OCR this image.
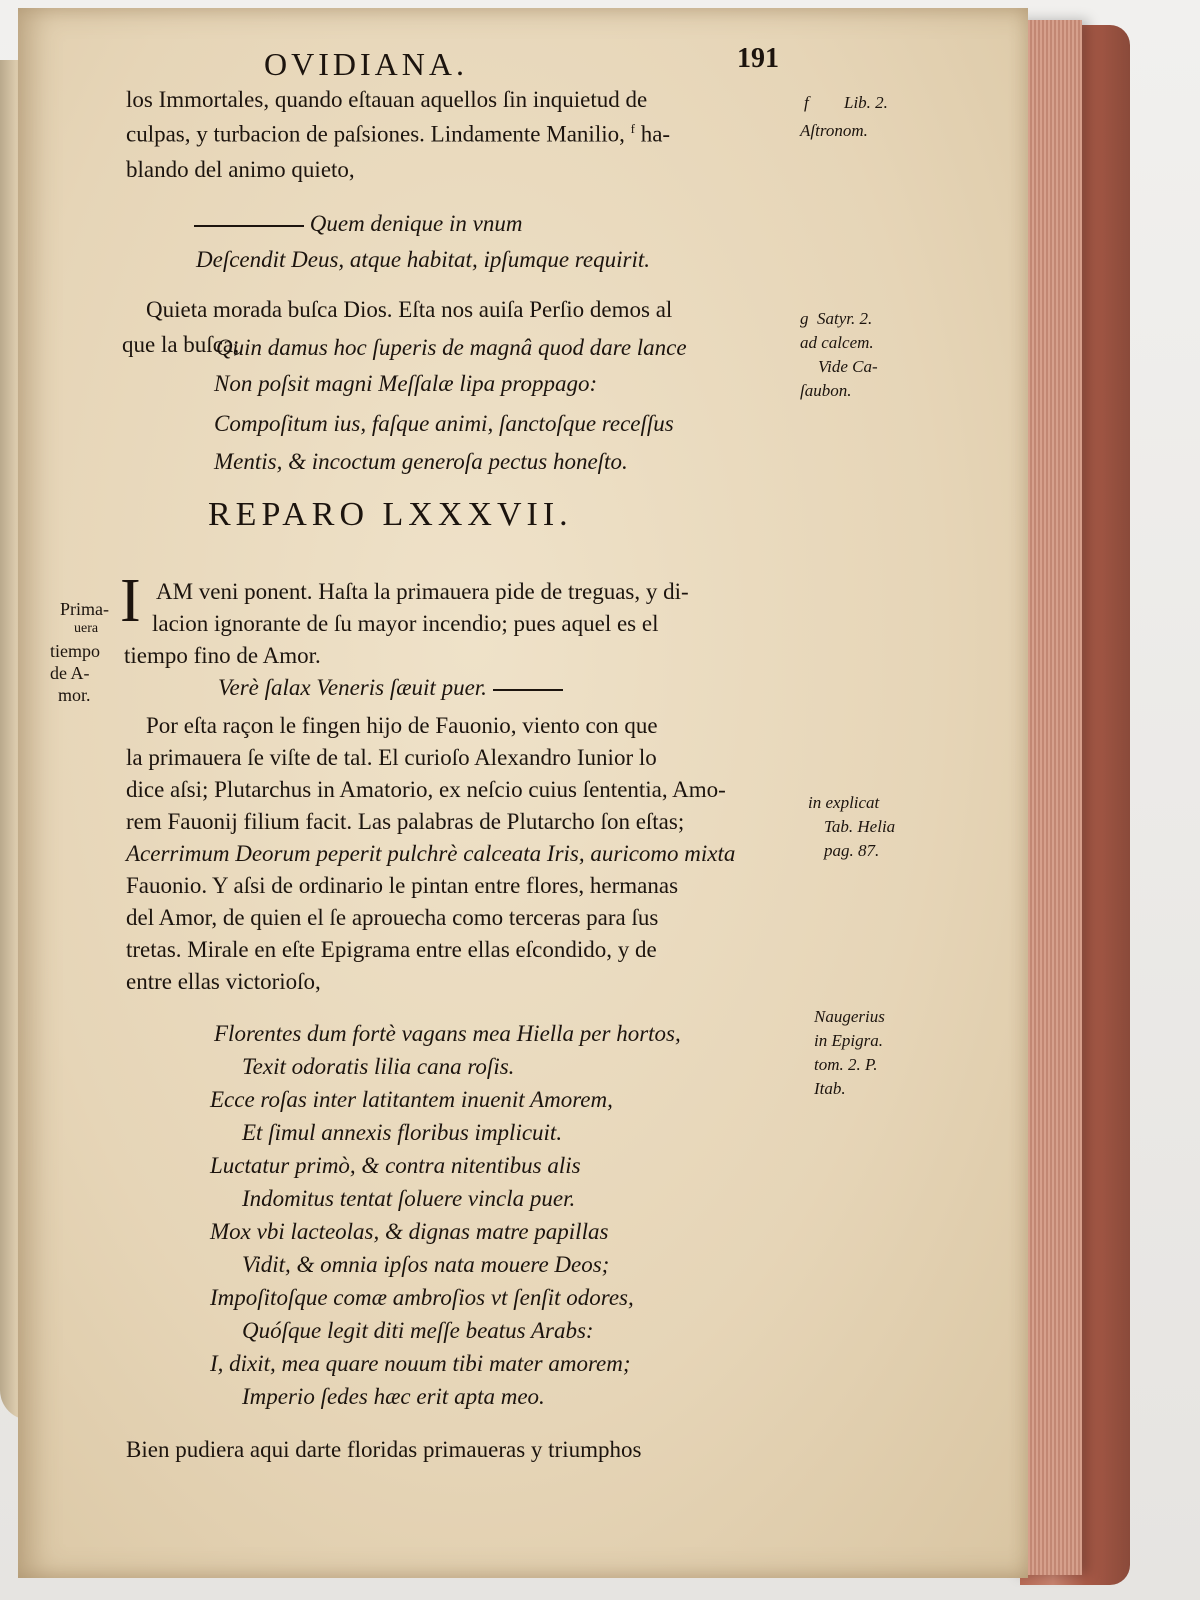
OVIDIANA.	191
los Immortales, quando eſtauan aquellos ſin inquietud de
culpas, y turbacion de paſsiones. Lindamente Manilio, $^f$ ha-
blando del animo quieto,
Quem denique in vnum
Deſcendit Deus, atque habitat, ipſumque requirit.
Quieta morada buſca Dios. Eſta nos auiſa Perſio demos al
que la buſca;
Quin damus hoc ſuperis de magnâ quod dare lance
Non poſsit magni Meſſalæ lipa proppago:
Compoſitum ius, faſque animi, ſanctoſque receſſus
Mentis, & incoctum generoſa pectus honeſto.
REPARO LXXXVII.
I AM veni ponent. Haſta la primauera pide de treguas, y di-
lacion ignorante de ſu mayor incendio; pues aquel es el
tiempo fino de Amor.
Verè ſalax Veneris ſæuit puer.
Por eſta raçon le fingen hijo de Fauonio, viento con que
la primauera ſe viſte de tal. El curioſo Alexandro Iunior lo
dice aſsi; Plutarchus in Amatorio, ex neſcio cuius ſententia, Amo-
rem Fauonij filium facit. Las palabras de Plutarcho ſon eſtas;
Acerrimum Deorum peperit pulchrè calceata Iris, auricomo mixta
Fauonio. Y aſsi de ordinario le pintan entre flores, hermanas
del Amor, de quien el ſe aprouecha como terceras para ſus
tretas. Mirale en eſte Epigrama entre ellas eſcondido, y de
entre ellas victorioſo,
Florentes dum fortè vagans mea Hiella per hortos,
Texit odoratis lilia cana roſis.
Ecce roſas inter latitantem inuenit Amorem,
Et ſimul annexis floribus implicuit.
Luctatur primò, & contra nitentibus alis
Indomitus tentat ſoluere vincla puer.
Mox vbi lacteolas, & dignas matre papillas
Vidit, & omnia ipſos nata mouere Deos;
Impoſitoſque comæ ambroſios vt ſenſit odores,
Quóſque legit diti meſſe beatus Arabs:
I, dixit, mea quare nouum tibi mater amorem;
Imperio ſedes hæc erit apta meo.
Bien pudiera aqui darte floridas primaueras y triumphos
f Lib. 2.
Aſtronom.
g Satyr. 2.
ad calcem.
Vide Ca-
ſaubon.
in explicat
Tab. Helia
pag. 87.
Naugerius
in Epigra.
tom. 2. P.
Itab.
Prima-
uera
tiempo
de A-
mor.
